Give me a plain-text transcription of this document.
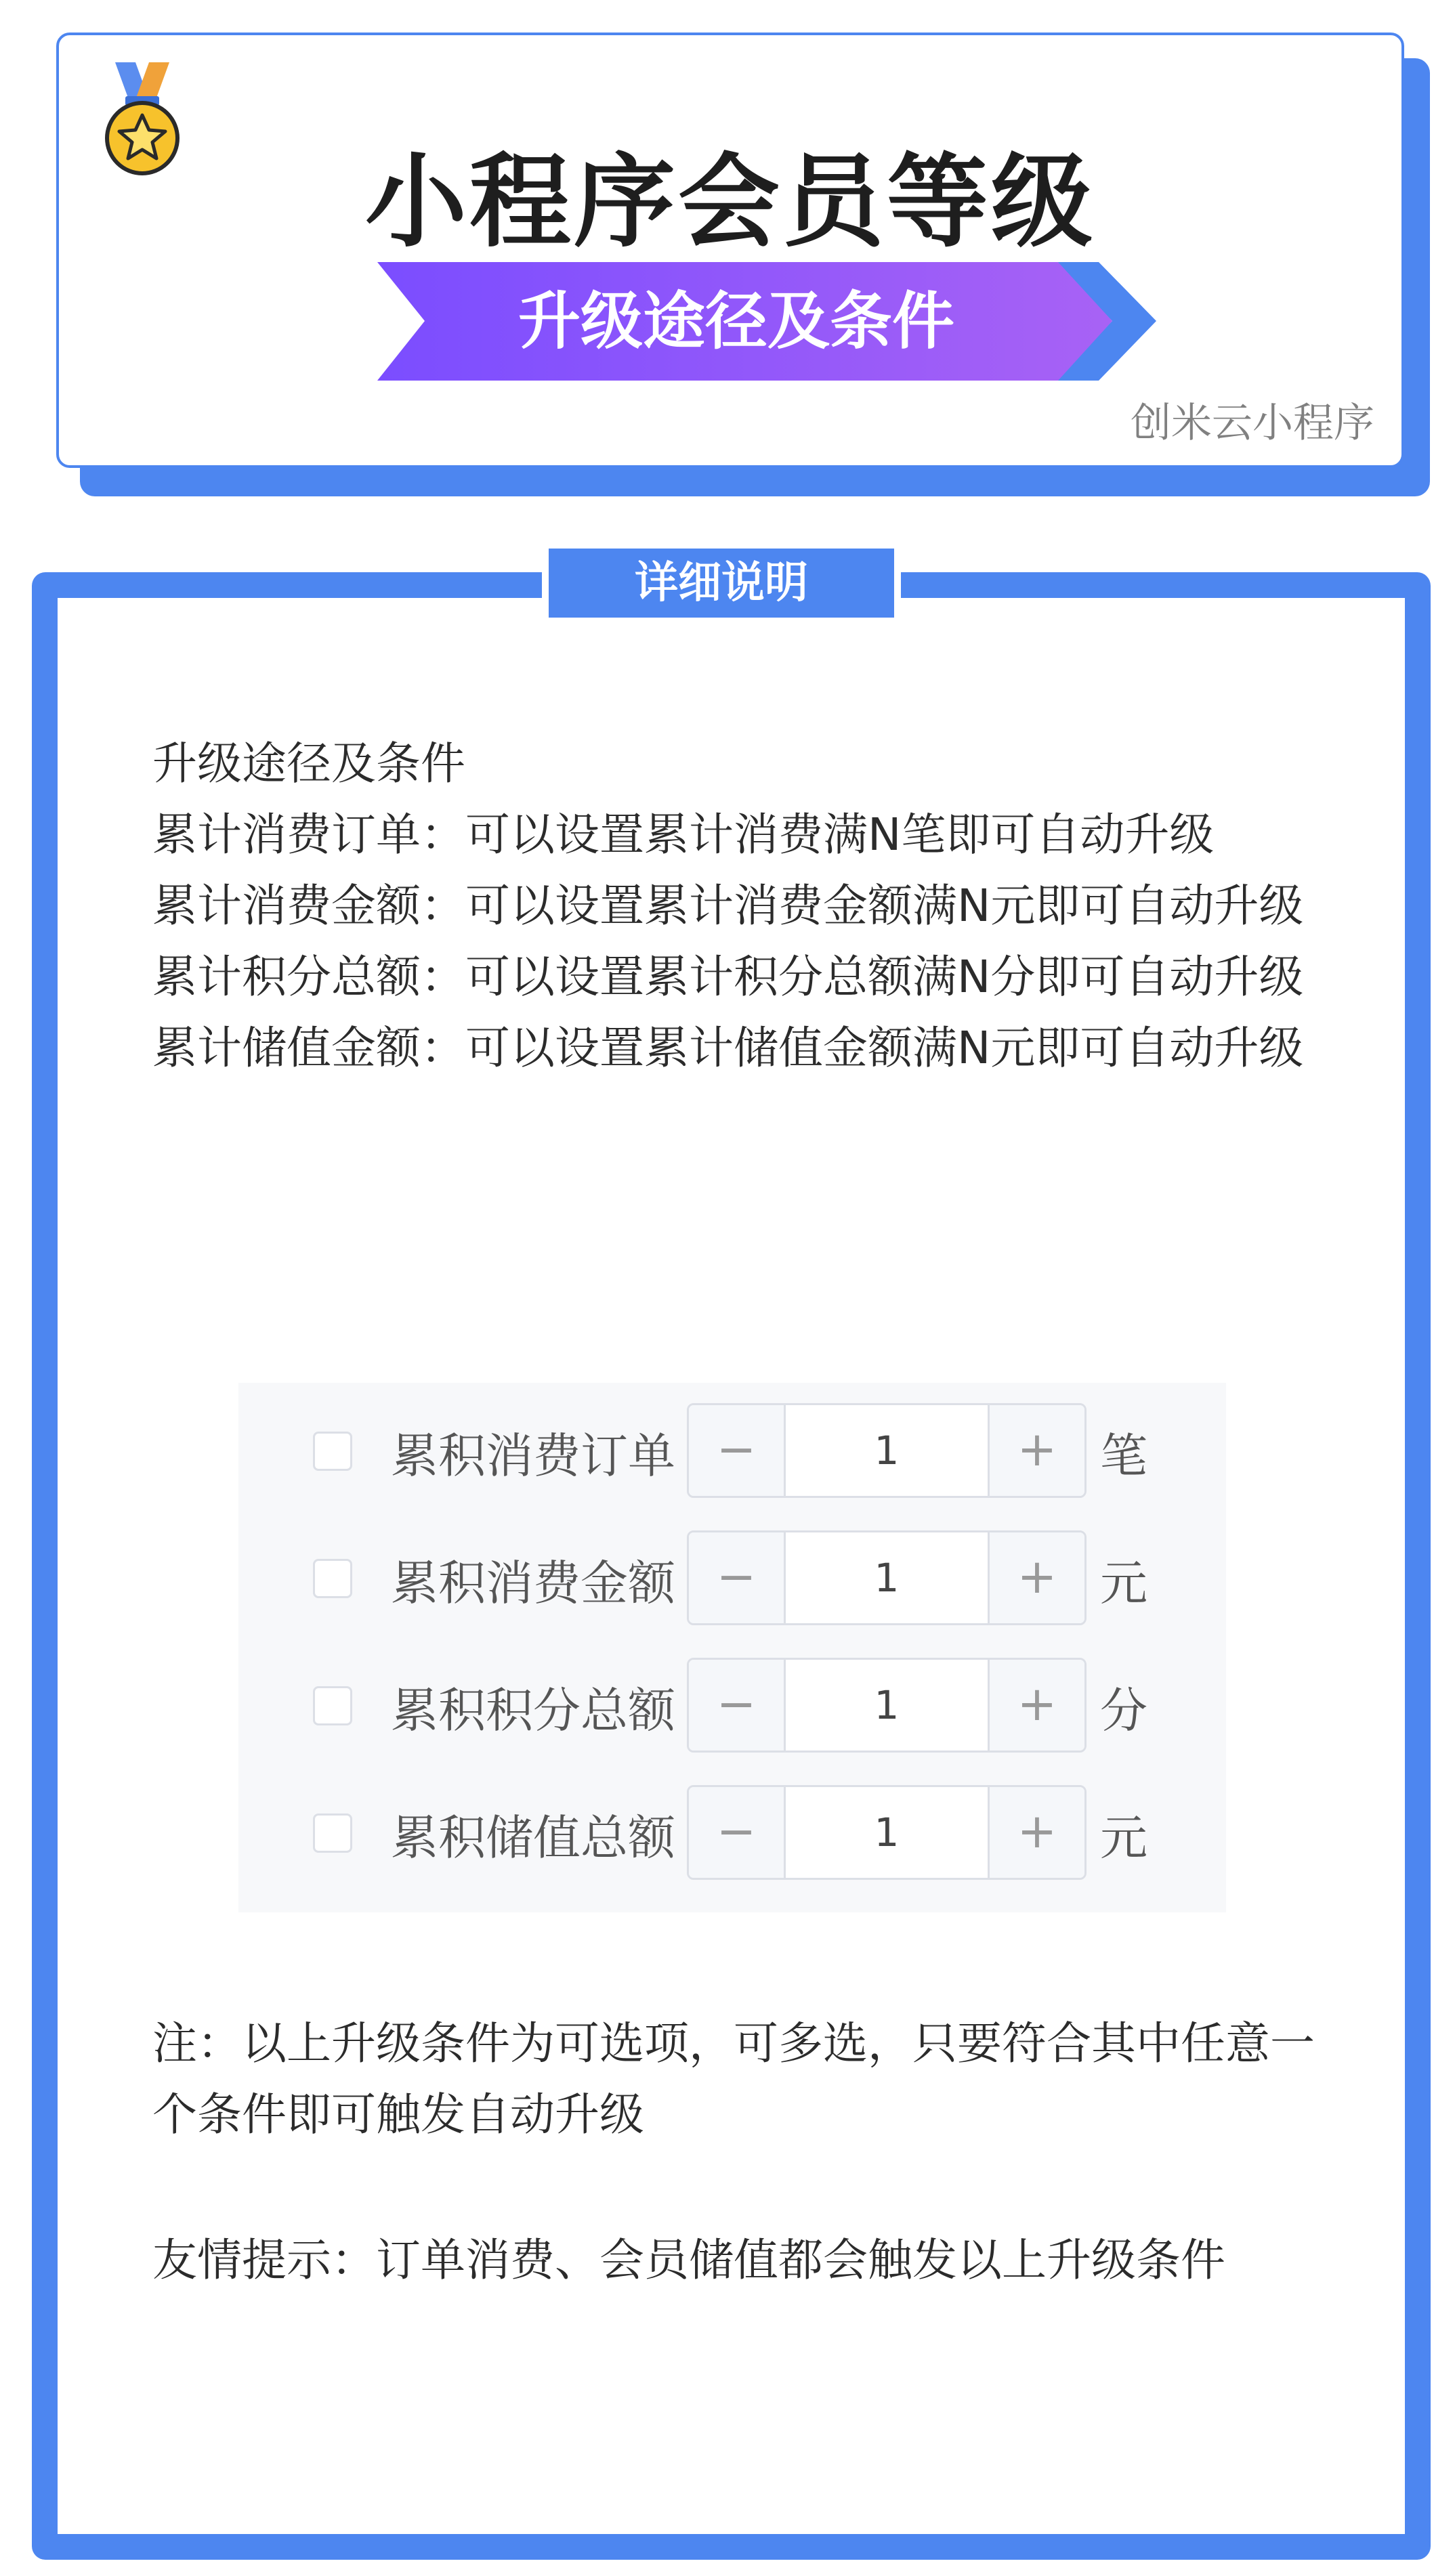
小程序会员等级
升级途径及条件
创米云小程序
详细说明

升级途径及条件

累计消费订单：可以设置累计消费满N笔即可自动升级

累计消费金额：可以设置累计消费金额满N元即可自动升级

累计积分总额：可以设置累计积分总额满N分即可自动升级

累计储值金额：可以设置累计储值金额满N元即可自动升级

累积消费订单 −	1	+ 笔
累积消费金额 −	1	+ 元
累积积分总额 −	1	+ 分
累积储值总额 −	1	+ 元
注：以上升级条件为可选项，可多选，只要符合其中任意一个条件即可触发自动升级
友情提示：订单消费、会员储值都会触发以上升级条件
